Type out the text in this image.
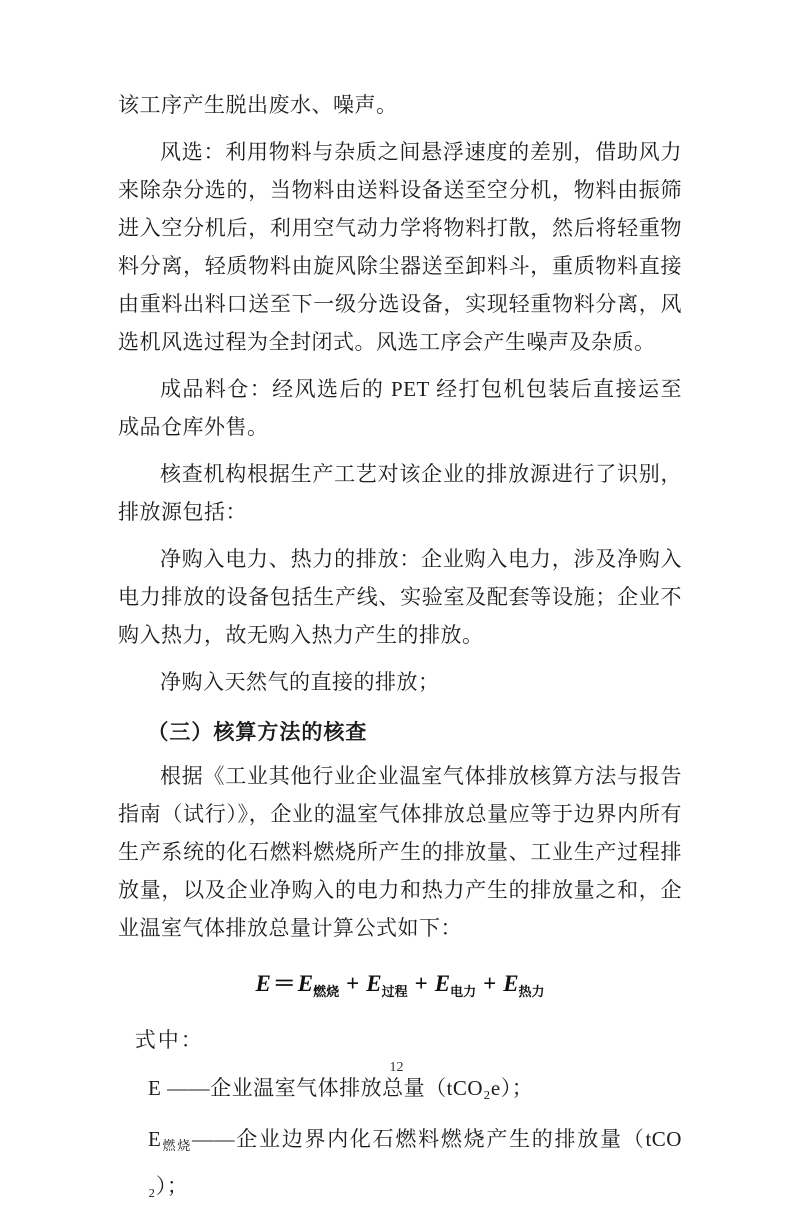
该工序产生脱出废水、噪声。

风选：利用物料与杂质之间悬浮速度的差别，借助风力来除杂分选的，当物料由送料设备送至空分机，物料由振筛进入空分机后，利用空气动力学将物料打散，然后将轻重物料分离，轻质物料由旋风除尘器送至卸料斗，重质物料直接由重料出料口送至下一级分选设备，实现轻重物料分离，风选机风选过程为全封闭式。风选工序会产生噪声及杂质。

成品料仓：经风选后的 PET 经打包机包装后直接运至成品仓库外售。

核查机构根据生产工艺对该企业的排放源进行了识别，排放源包括：

净购入电力、热力的排放：企业购入电力，涉及净购入电力排放的设备包括生产线、实验室及配套等设施；企业不购入热力，故无购入热力产生的排放。

净购入天然气的直接的排放；

（三）核算方法的核查

根据《工业其他行业企业温室气体排放核算方法与报告指南（试行）》，企业的温室气体排放总量应等于边界内所有生产系统的化石燃料燃烧所产生的排放量、工业生产过程排放量，以及企业净购入的电力和热力产生的排放量之和，企业温室气体排放总量计算公式如下：

$E=E_{燃烧} + E_{过程} + E_{电力} + E_{热力}$

式中：

E ——企业温室气体排放总量（tCO₂e）；

$E_{燃烧}——$企业边界内化石燃料燃烧产生的排放量（tCO₂）；

12
